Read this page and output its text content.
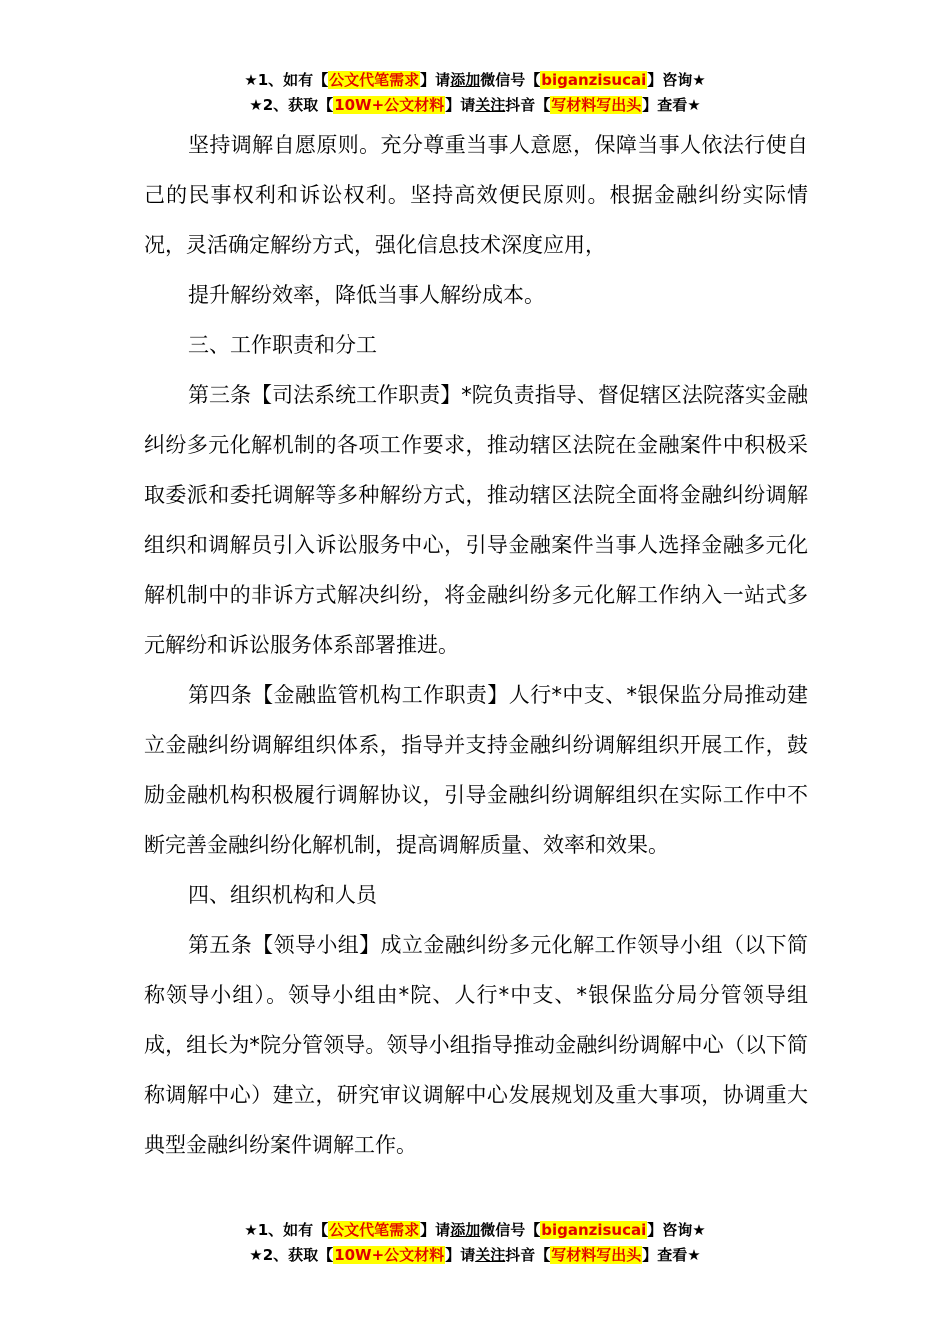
★1、如有【公文代笔需求】请添加微信号【biganzisucai】咨询★
★2、获取【10W+公文材料】请关注抖音【写材料写出头】查看★

坚持调解自愿原则。充分尊重当事人意愿，保障当事人依法行使自己的民事权利和诉讼权利。坚持高效便民原则。根据金融纠纷实际情况，灵活确定解纷方式，强化信息技术深度应用，

提升解纷效率，降低当事人解纷成本。

三、工作职责和分工

第三条【司法系统工作职责】*院负责指导、督促辖区法院落实金融纠纷多元化解机制的各项工作要求，推动辖区法院在金融案件中积极采取委派和委托调解等多种解纷方式，推动辖区法院全面将金融纠纷调解组织和调解员引入诉讼服务中心，引导金融案件当事人选择金融多元化解机制中的非诉方式解决纠纷，将金融纠纷多元化解工作纳入一站式多元解纷和诉讼服务体系部署推进。

第四条【金融监管机构工作职责】人行*中支、*银保监分局推动建立金融纠纷调解组织体系，指导并支持金融纠纷调解组织开展工作，鼓励金融机构积极履行调解协议，引导金融纠纷调解组织在实际工作中不断完善金融纠纷化解机制，提高调解质量、效率和效果。

四、组织机构和人员

第五条【领导小组】成立金融纠纷多元化解工作领导小组（以下简称领导小组）。领导小组由*院、人行*中支、*银保监分局分管领导组成，组长为*院分管领导。领导小组指导推动金融纠纷调解中心（以下简称调解中心）建立，研究审议调解中心发展规划及重大事项，协调重大典型金融纠纷案件调解工作。

★1、如有【公文代笔需求】请添加微信号【biganzisucai】咨询★
★2、获取【10W+公文材料】请关注抖音【写材料写出头】查看★
